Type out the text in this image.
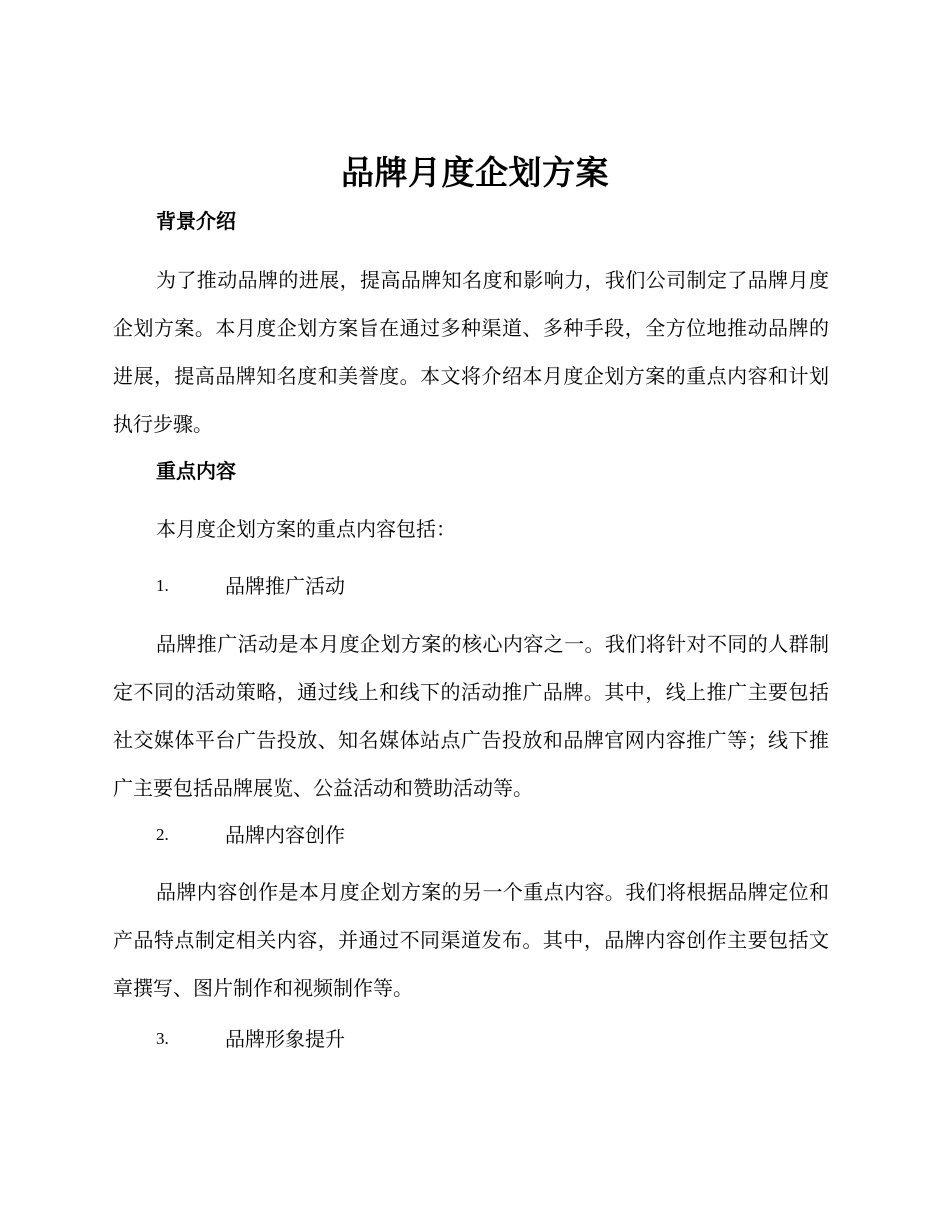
品牌月度企划方案
背景介绍

为了推动品牌的进展，提高品牌知名度和影响力，我们公司制定了品牌月度企划方案。本月度企划方案旨在通过多种渠道、多种手段，全方位地推动品牌的进展，提高品牌知名度和美誉度。本文将介绍本月度企划方案的重点内容和计划执行步骤。

重点内容

本月度企划方案的重点内容包括：

1.	品牌推广活动

品牌推广活动是本月度企划方案的核心内容之一。我们将针对不同的人群制定不同的活动策略，通过线上和线下的活动推广品牌。其中，线上推广主要包括社交媒体平台广告投放、知名媒体站点广告投放和品牌官网内容推广等；线下推广主要包括品牌展览、公益活动和赞助活动等。

2.	品牌内容创作

品牌内容创作是本月度企划方案的另一个重点内容。我们将根据品牌定位和产品特点制定相关内容，并通过不同渠道发布。其中，品牌内容创作主要包括文章撰写、图片制作和视频制作等。

3.	品牌形象提升
